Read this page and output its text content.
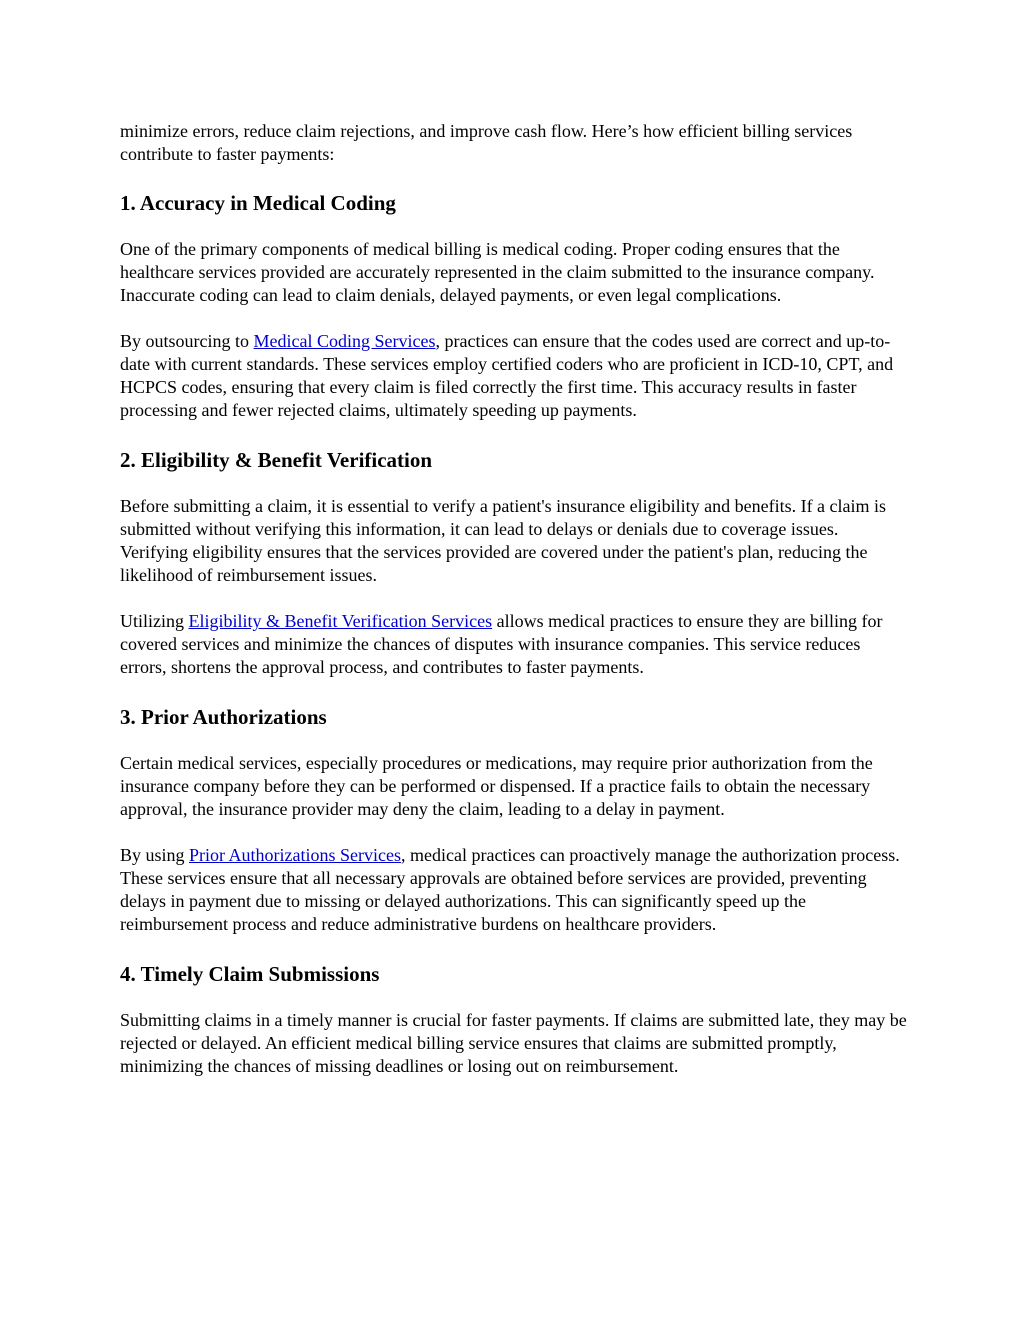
minimize errors, reduce claim rejections, and improve cash flow. Here’s how efficient billing services contribute to faster payments:

1. Accuracy in Medical Coding

One of the primary components of medical billing is medical coding. Proper coding ensures that the healthcare services provided are accurately represented in the claim submitted to the insurance company. Inaccurate coding can lead to claim denials, delayed payments, or even legal complications.

By outsourcing to Medical Coding Services, practices can ensure that the codes used are correct and up-to-date with current standards. These services employ certified coders who are proficient in ICD-10, CPT, and HCPCS codes, ensuring that every claim is filed correctly the first time. This accuracy results in faster processing and fewer rejected claims, ultimately speeding up payments.

2. Eligibility & Benefit Verification

Before submitting a claim, it is essential to verify a patient's insurance eligibility and benefits. If a claim is submitted without verifying this information, it can lead to delays or denials due to coverage issues. Verifying eligibility ensures that the services provided are covered under the patient's plan, reducing the likelihood of reimbursement issues.

Utilizing Eligibility & Benefit Verification Services allows medical practices to ensure they are billing for covered services and minimize the chances of disputes with insurance companies. This service reduces errors, shortens the approval process, and contributes to faster payments.

3. Prior Authorizations

Certain medical services, especially procedures or medications, may require prior authorization from the insurance company before they can be performed or dispensed. If a practice fails to obtain the necessary approval, the insurance provider may deny the claim, leading to a delay in payment.

By using Prior Authorizations Services, medical practices can proactively manage the authorization process. These services ensure that all necessary approvals are obtained before services are provided, preventing delays in payment due to missing or delayed authorizations. This can significantly speed up the reimbursement process and reduce administrative burdens on healthcare providers.

4. Timely Claim Submissions

Submitting claims in a timely manner is crucial for faster payments. If claims are submitted late, they may be rejected or delayed. An efficient medical billing service ensures that claims are submitted promptly, minimizing the chances of missing deadlines or losing out on reimbursement.
